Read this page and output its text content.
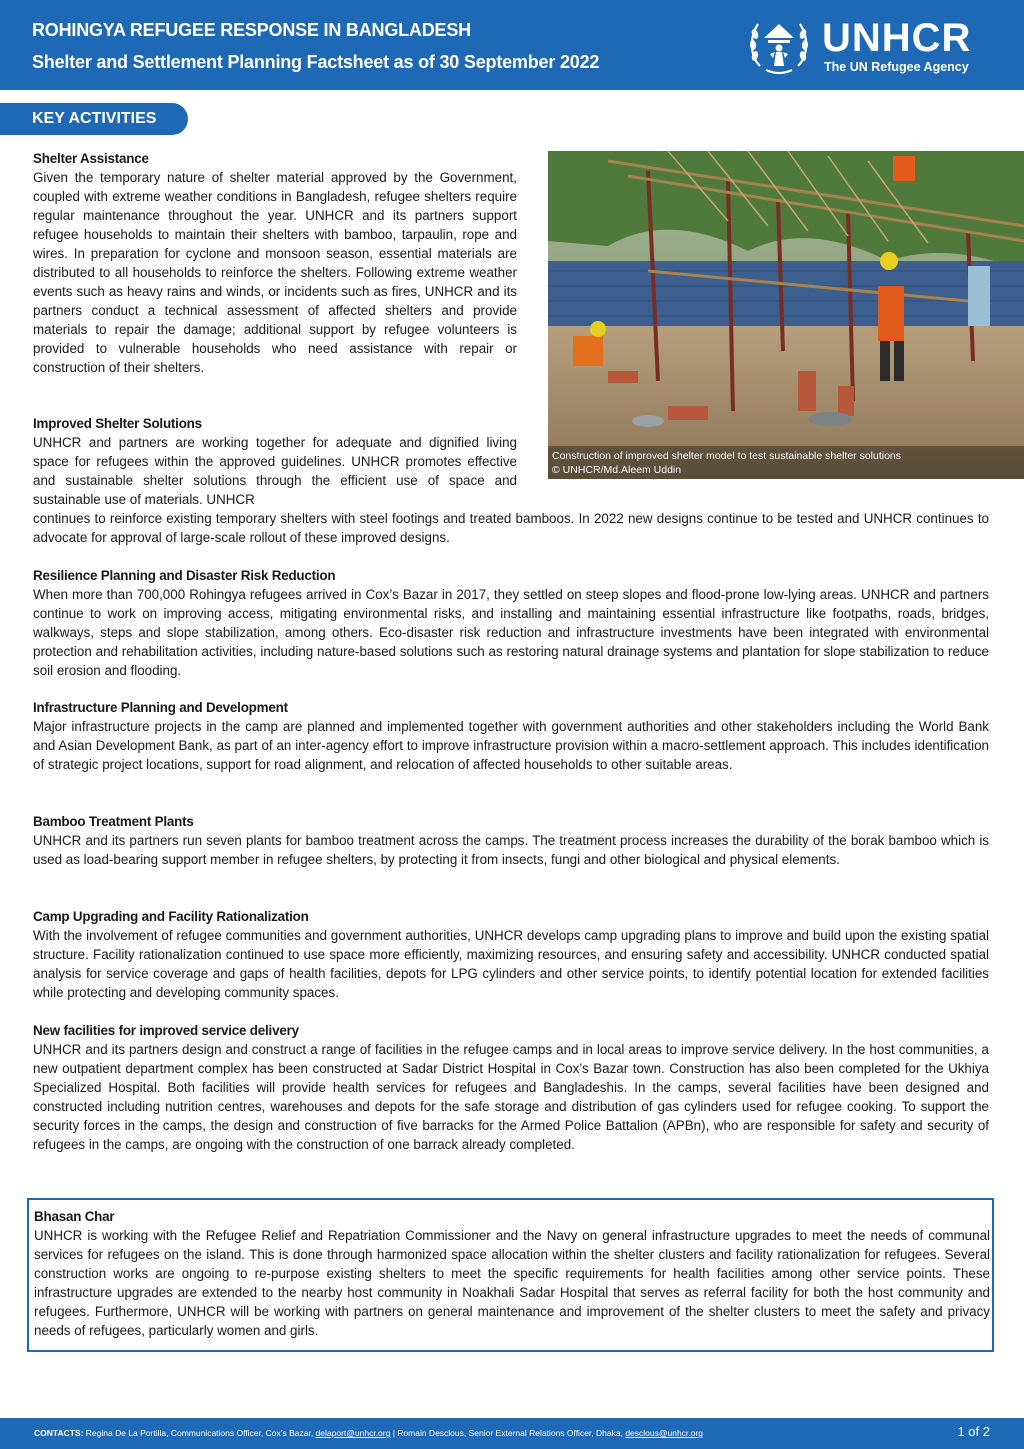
ROHINGYA REFUGEE RESPONSE IN BANGLADESH
Shelter and Settlement Planning Factsheet as of 30 September 2022
UNHCR
The UN Refugee Agency
KEY ACTIVITIES
Construction of improved shelter model to test sustainable shelter solutions
© UNHCR/Md.Aleem Uddin
Shelter Assistance

Given the temporary nature of shelter material approved by the Government, coupled with extreme weather conditions in Bangladesh, refugee shelters require regular maintenance throughout the year. UNHCR and its partners support refugee households to maintain their shelters with bamboo, tarpaulin, rope and wires. In preparation for cyclone and monsoon season, essential materials are distributed to all households to reinforce the shelters. Following extreme weather events such as heavy rains and winds, or incidents such as fires, UNHCR and its partners conduct a technical assessment of affected shelters and provide materials to repair the damage; additional support by refugee volunteers is provided to vulnerable households who need assistance with repair or construction of their shelters.

Improved Shelter Solutions

UNHCR and partners are working together for adequate and dignified living space for refugees within the approved guidelines. UNHCR promotes effective and sustainable shelter solutions through the efficient use of space and sustainable use of materials. UNHCR

continues to reinforce existing temporary shelters with steel footings and treated bamboos. In 2022 new designs continue to be tested and UNHCR continues to advocate for approval of large-scale rollout of these improved designs.

Resilience Planning and Disaster Risk Reduction

When more than 700,000 Rohingya refugees arrived in Cox’s Bazar in 2017, they settled on steep slopes and flood-prone low-lying areas. UNHCR and partners continue to work on improving access, mitigating environmental risks, and installing and maintaining essential infrastructure like footpaths, roads, bridges, walkways, steps and slope stabilization, among others. Eco-disaster risk reduction and infrastructure investments have been integrated with environmental protection and rehabilitation activities, including nature-based solutions such as restoring natural drainage systems and plantation for slope stabilization to reduce soil erosion and flooding.

Infrastructure Planning and Development

Major infrastructure projects in the camp are planned and implemented together with government authorities and other stakeholders including the World Bank and Asian Development Bank, as part of an inter-agency effort to improve infrastructure provision within a macro-settlement approach. This includes identification of strategic project locations, support for road alignment, and relocation of affected households to other suitable areas.

Bamboo Treatment Plants

UNHCR and its partners run seven plants for bamboo treatment across the camps. The treatment process increases the durability of the borak bamboo which is used as load-bearing support member in refugee shelters, by protecting it from insects, fungi and other biological and physical elements.

Camp Upgrading and Facility Rationalization

With the involvement of refugee communities and government authorities, UNHCR develops camp upgrading plans to improve and build upon the existing spatial structure. Facility rationalization continued to use space more efficiently, maximizing resources, and ensuring safety and accessibility. UNHCR conducted spatial analysis for service coverage and gaps of health facilities, depots for LPG cylinders and other service points, to identify potential location for extended facilities while protecting and developing community spaces.

New facilities for improved service delivery

UNHCR and its partners design and construct a range of facilities in the refugee camps and in local areas to improve service delivery. In the host communities, a new outpatient department complex has been constructed at Sadar District Hospital in Cox’s Bazar town. Construction has also been completed for the Ukhiya Specialized Hospital. Both facilities will provide health services for refugees and Bangladeshis. In the camps, several facilities have been designed and constructed including nutrition centres, warehouses and depots for the safe storage and distribution of gas cylinders used for refugee cooking. To support the security forces in the camps, the design and construction of five barracks for the Armed Police Battalion (APBn), who are responsible for safety and security of refugees in the camps, are ongoing with the construction of one barrack already completed.

Bhasan Char

UNHCR is working with the Refugee Relief and Repatriation Commissioner and the Navy on general infrastructure upgrades to meet the needs of communal services for refugees on the island. This is done through harmonized space allocation within the shelter clusters and facility rationalization for refugees. Several construction works are ongoing to re-purpose existing shelters to meet the specific requirements for health facilities among other service points. These infrastructure upgrades are extended to the nearby host community in Noakhali Sadar Hospital that serves as referral facility for both the host community and refugees. Furthermore, UNHCR will be working with partners on general maintenance and improvement of the shelter clusters to meet the safety and privacy needs of refugees, particularly women and girls.

CONTACTS: Regina De La Portilla, Communications Officer, Cox’s Bazar, delaport@unhcr.org | Romain Desclous, Senior External Relations Officer, Dhaka, desclous@unhcr.org	1 of 2
